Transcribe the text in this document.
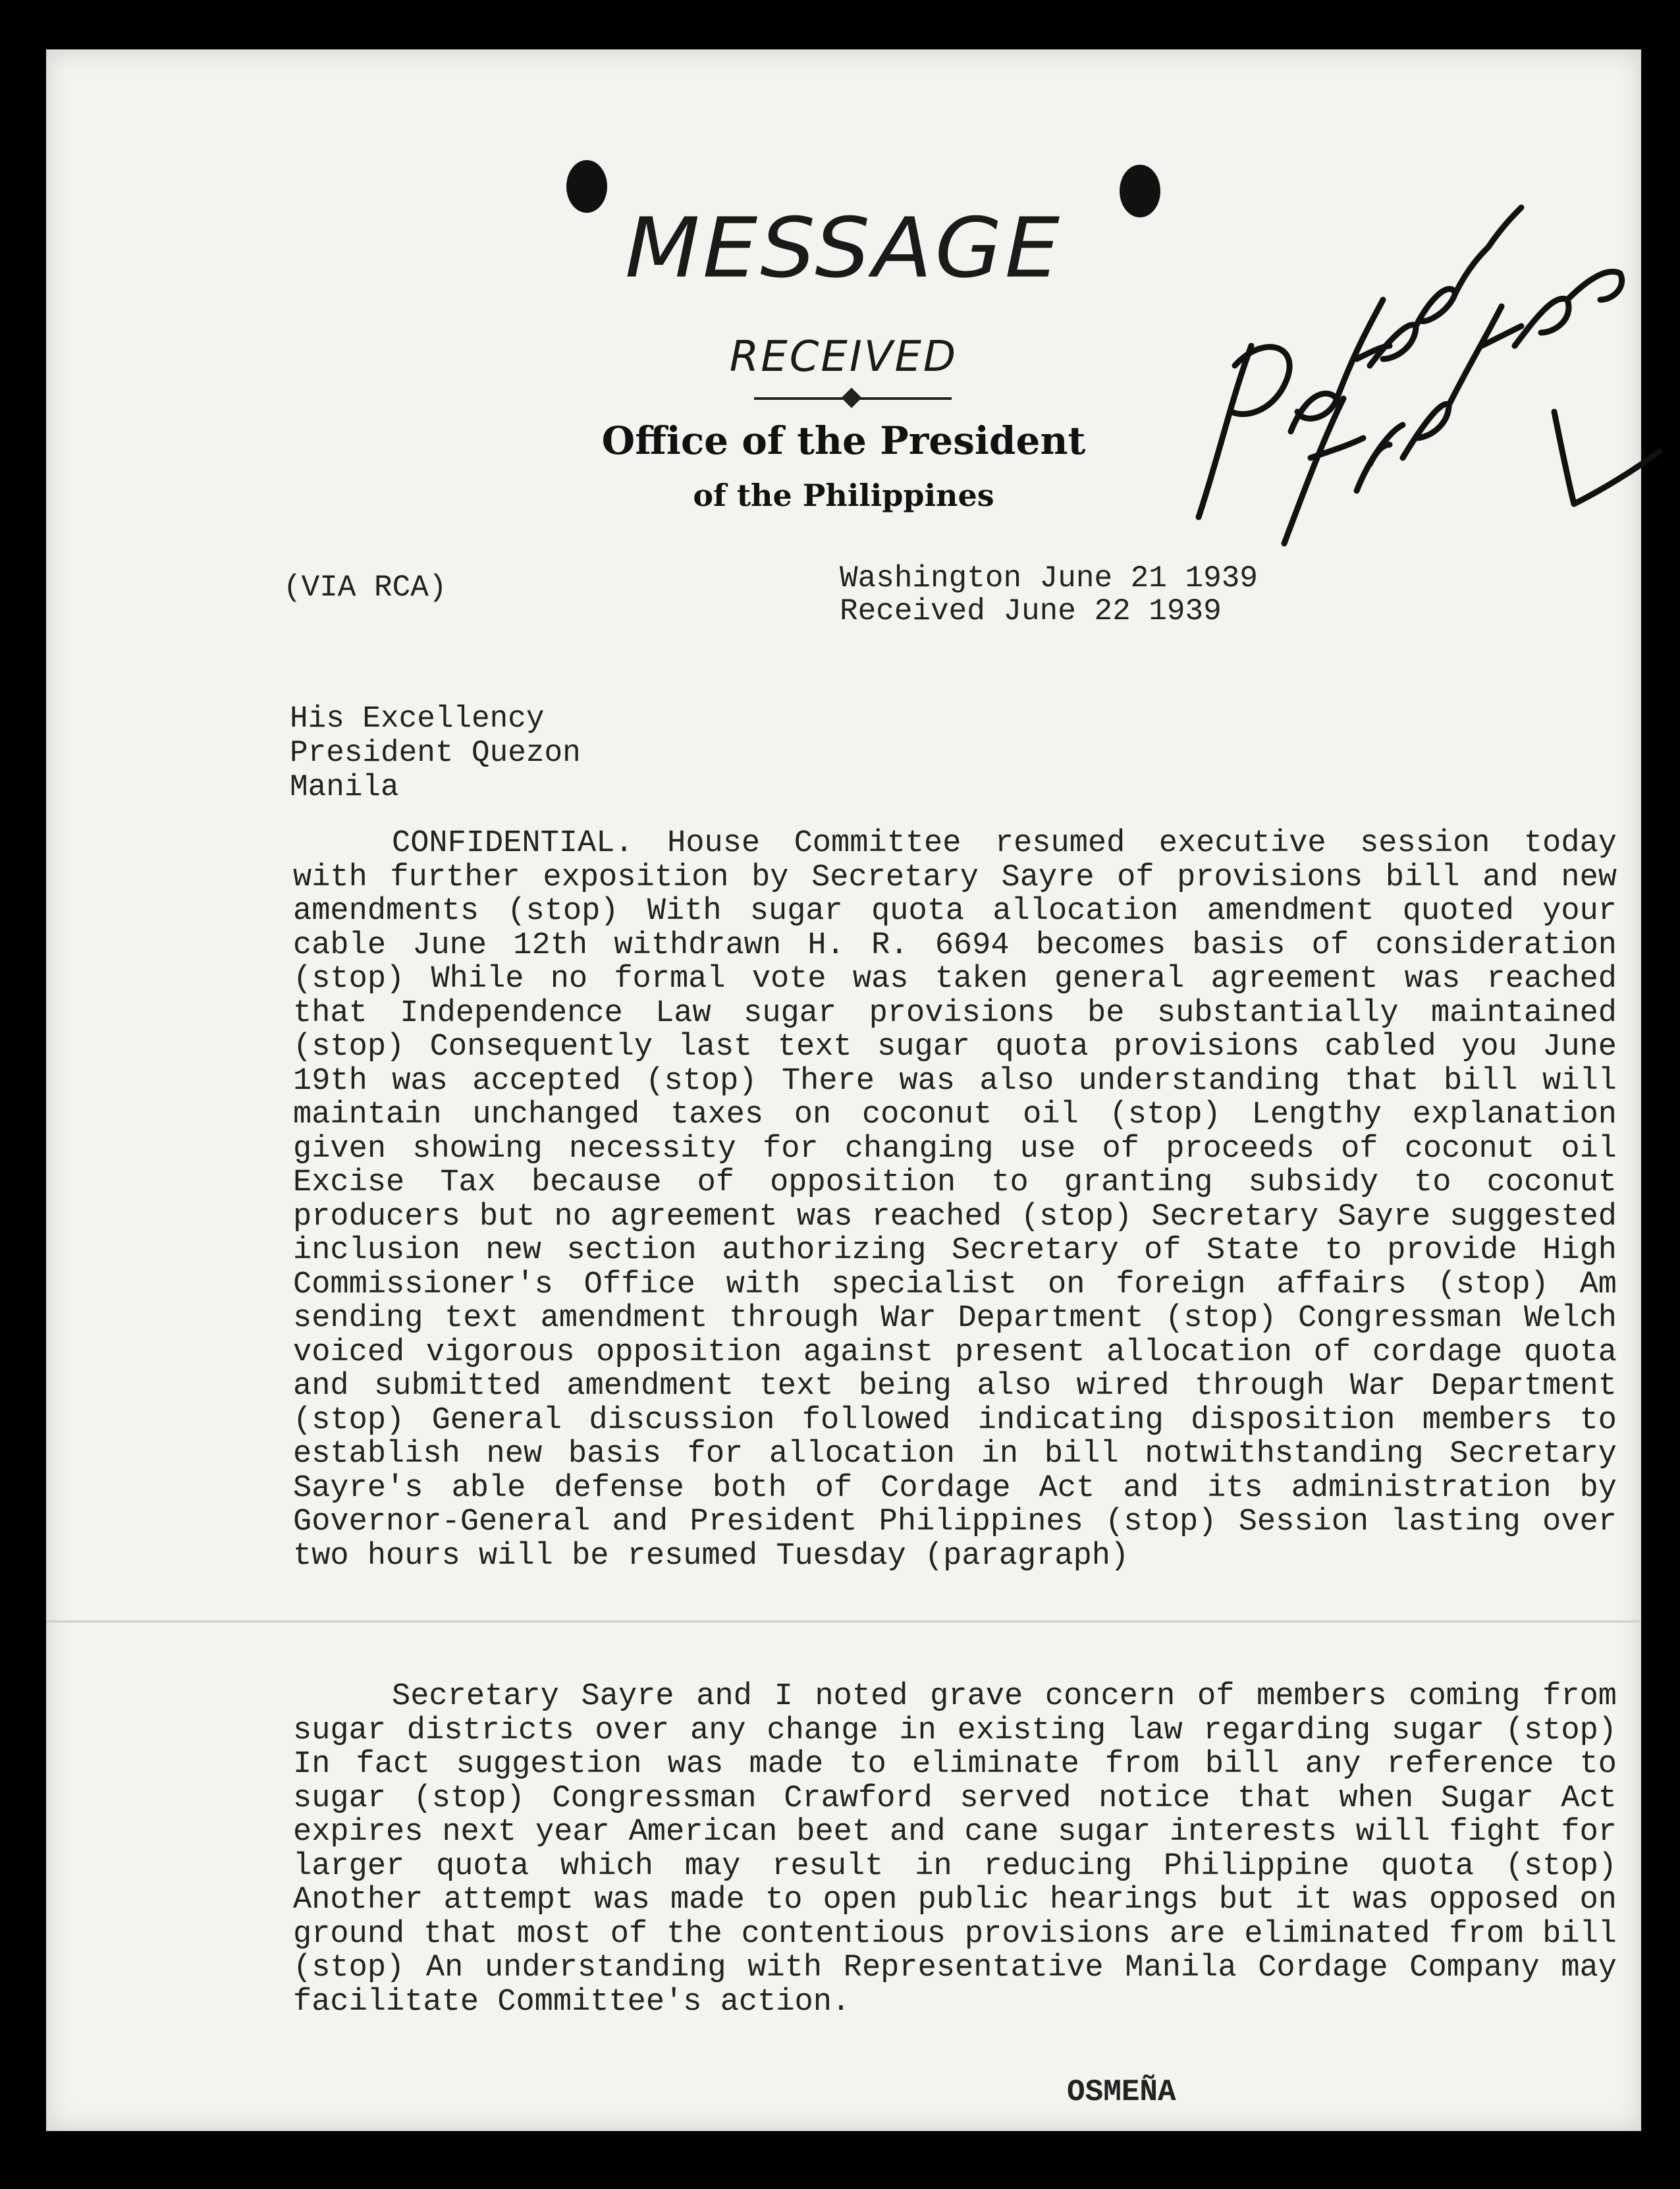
MESSAGE
RECEIVED
Office of the President
of the Philippines
(VIA RCA)	Washington June 21 1939
Received June 22 1939
His Excellency
President Quezon
Manila
CONFIDENTIAL. House Committee resumed executive session today with further exposition by Secretary Sayre of provisions bill and new amendments (stop) With sugar quota allocation amendment quoted your cable June 12th withdrawn H. R. 6694 becomes basis of consideration (stop) While no formal vote was taken general agreement was reached that Independence Law sugar provisions be substantially maintained (stop) Consequently last text sugar quota provisions cabled you June 19th was accepted (stop) There was also understanding that bill will maintain unchanged taxes on coconut oil (stop) Lengthy explanation given showing necessity for changing use of proceeds of coconut oil Excise Tax because of opposition to granting subsidy to coconut producers but no agreement was reached (stop) Secretary Sayre suggested inclusion new section authorizing Secretary of State to provide High Commissioner's Office with specialist on foreign affairs (stop) Am sending text amendment through War Department (stop) Congressman Welch voiced vigorous opposition against present allocation of cordage quota and submitted amendment text being also wired through War Department (stop) General discussion followed indicating disposition members to establish new basis for allocation in bill notwithstanding Secretary Sayre's able defense both of Cordage Act and its administration by Governor-General and President Philippines (stop) Session lasting over two hours will be resumed Tuesday (paragraph)
Secretary Sayre and I noted grave concern of members coming from sugar districts over any change in existing law regarding sugar (stop) In fact suggestion was made to eliminate from bill any reference to sugar (stop) Congressman Crawford served notice that when Sugar Act expires next year American beet and cane sugar interests will fight for larger quota which may result in reducing Philippine quota (stop) Another attempt was made to open public hearings but it was opposed on ground that most of the contentious provisions are eliminated from bill (stop) An understanding with Representative Manila Cordage Company may facilitate Committee's action.
OSMEÑA
